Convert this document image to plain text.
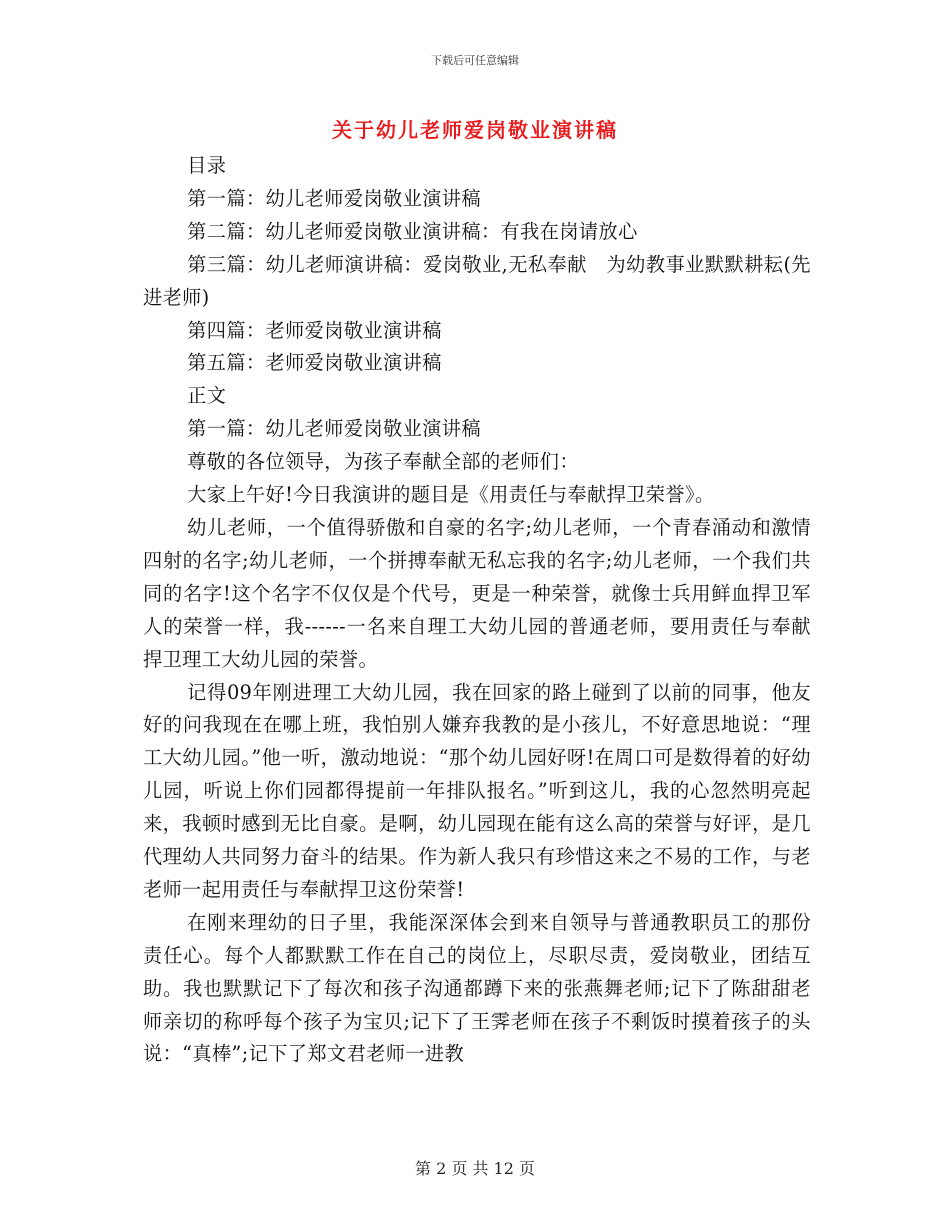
下载后可任意编辑
关于幼儿老师爱岗敬业演讲稿

目录

第一篇：幼儿老师爱岗敬业演讲稿

第二篇：幼儿老师爱岗敬业演讲稿：有我在岗请放心

第三篇：幼儿老师演讲稿：爱岗敬业,无私奉献　为幼教事业默默耕耘(先进老师)

第四篇：老师爱岗敬业演讲稿

第五篇：老师爱岗敬业演讲稿

正文

第一篇：幼儿老师爱岗敬业演讲稿

尊敬的各位领导，为孩子奉献全部的老师们：

大家上午好!今日我演讲的题目是《用责任与奉献捍卫荣誉》。

幼儿老师，一个值得骄傲和自豪的名字;幼儿老师，一个青春涌动和激情四射的名字;幼儿老师，一个拼搏奉献无私忘我的名字;幼儿老师，一个我们共同的名字!这个名字不仅仅是个代号，更是一种荣誉，就像士兵用鲜血捍卫军人的荣誉一样，我------一名来自理工大幼儿园的普通老师，要用责任与奉献捍卫理工大幼儿园的荣誉。

记得09年刚进理工大幼儿园，我在回家的路上碰到了以前的同事，他友好的问我现在在哪上班，我怕别人嫌弃我教的是小孩儿，不好意思地说：“理工大幼儿园。”他一听，激动地说：“那个幼儿园好呀!在周口可是数得着的好幼儿园，听说上你们园都得提前一年排队报名。”听到这儿，我的心忽然明亮起来，我顿时感到无比自豪。是啊，幼儿园现在能有这么高的荣誉与好评，是几代理幼人共同努力奋斗的结果。作为新人我只有珍惜这来之不易的工作，与老老师一起用责任与奉献捍卫这份荣誉!

在刚来理幼的日子里，我能深深体会到来自领导与普通教职员工的那份责任心。每个人都默默工作在自己的岗位上，尽职尽责，爱岗敬业，团结互助。我也默默记下了每次和孩子沟通都蹲下来的张燕舞老师;记下了陈甜甜老师亲切的称呼每个孩子为宝贝;记下了王霁老师在孩子不剩饭时摸着孩子的头说：“真棒”;记下了郑文君老师一进教

第 2 页 共 12 页
